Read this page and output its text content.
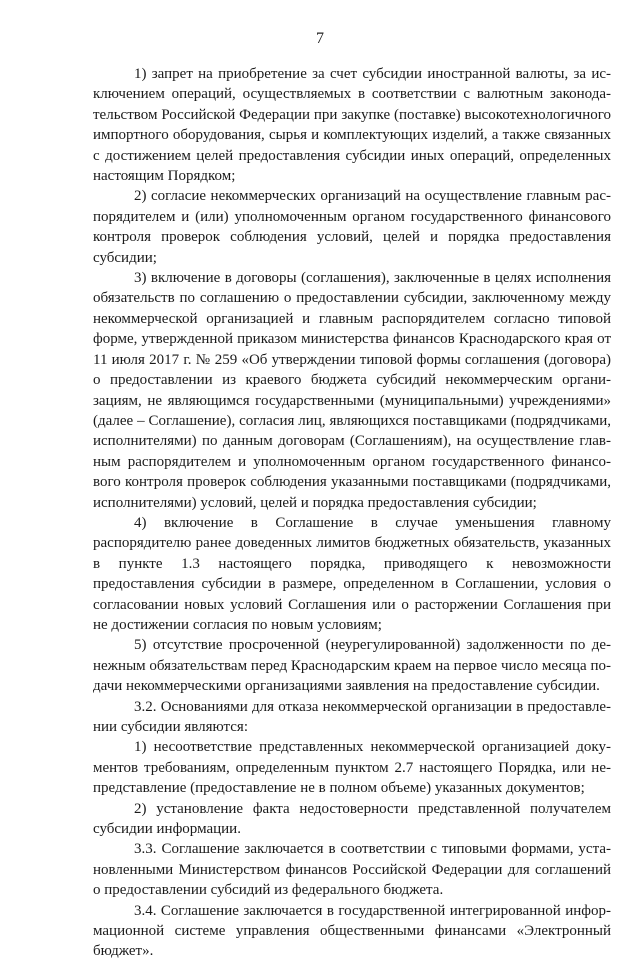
7

1) запрет на приобретение за счет субсидии иностранной валюты, за исключением операций, осуществляемых в соответствии с валютным законодательством Российской Федерации при закупке (поставке) высокотехнологичного импортного оборудования, сырья и комплектующих изделий, а также связанных с достижением целей предоставления субсидии иных операций, определенных настоящим Порядком;

2) согласие некоммерческих организаций на осуществление главным распорядителем и (или) уполномоченным органом государственного финансового контроля проверок соблюдения условий, целей и порядка предоставления субсидии;

3) включение в договоры (соглашения), заключенные в целях исполнения обязательств по соглашению о предоставлении субсидии, заключенному между некоммерческой организацией и главным распорядителем согласно типовой форме, утвержденной приказом министерства финансов Краснодарского края от 11 июля 2017 г. № 259 «Об утверждении типовой формы соглашения (договора) о предоставлении из краевого бюджета субсидий некоммерческим организациям, не являющимся государственными (муниципальными) учреждениями» (далее – Соглашение), согласия лиц, являющихся поставщиками (подрядчиками, исполнителями) по данным договорам (Соглашениям), на осуществление главным распорядителем и уполномоченным органом государственного финансового контроля проверок соблюдения указанными поставщиками (подрядчиками, исполнителями) условий, целей и порядка предоставления субсидии;

4) включение в Соглашение в случае уменьшения главному распорядителю ранее доведенных лимитов бюджетных обязательств, указанных в пункте 1.3 настоящего порядка, приводящего к невозможности предоставления субсидии в размере, определенном в Соглашении, условия о согласовании новых условий Соглашения или о расторжении Соглашения при не достижении согласия по новым условиям;

5) отсутствие просроченной (неурегулированной) задолженности по денежным обязательствам перед Краснодарским краем на первое число месяца подачи некоммерческими организациями заявления на предоставление субсидии.

3.2. Основаниями для отказа некоммерческой организации в предоставлении субсидии являются:

1) несоответствие представленных некоммерческой организацией документов требованиям, определенным пунктом 2.7 настоящего Порядка, или непредставление (предоставление не в полном объеме) указанных документов;

2) установление факта недостоверности представленной получателем субсидии информации.

3.3. Соглашение заключается в соответствии с типовыми формами, установленными Министерством финансов Российской Федерации для соглашений о предоставлении субсидий из федерального бюджета.

3.4. Соглашение заключается в государственной интегрированной информационной системе управления общественными финансами «Электронный бюджет».
